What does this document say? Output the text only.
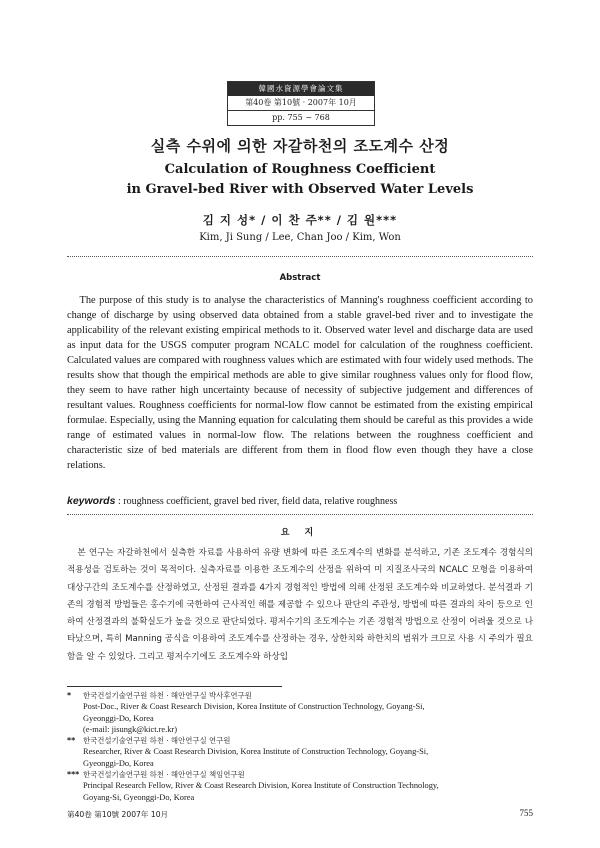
韓國水資源學會論文集
第40卷 第10號 · 2007年 10月
pp. 755 ~ 768
실측 수위에 의한 자갈하천의 조도계수 산정
Calculation of Roughness Coefficient
in Gravel-bed River with Observed Water Levels
김 지 성* / 이 찬 주** / 김 원***
Kim, Ji Sung / Lee, Chan Joo / Kim, Won
Abstract

The purpose of this study is to analyse the characteristics of Manning's roughness coefficient according to change of discharge by using observed data obtained from a stable gravel-bed river and to investigate the applicability of the relevant existing empirical methods to it. Observed water level and discharge data are used as input data for the USGS computer program NCALC model for calculation of the roughness coefficient. Calculated values are compared with roughness values which are estimated with four widely used methods. The results show that though the empirical methods are able to give similar roughness values only for flood flow, they seem to have rather high uncertainty because of necessity of subjective judgement and differences of resultant values. Roughness coefficients for normal-low flow cannot be estimated from the existing empirical formulae. Especially, using the Manning equation for calculating them should be careful as this provides a wide range of estimated values in normal-low flow. The relations between the roughness coefficient and characteristic size of bed materials are different from them in flood flow even though they have a close relations.

keywords : roughness coefficient, gravel bed river, field data, relative roughness
요 지

본 연구는 자갈하천에서 실측한 자료를 사용하여 유량 변화에 따른 조도계수의 변화를 분석하고, 기존 조도계수 경험식의 적용성을 검토하는 것이 목적이다. 실측자료를 이용한 조도계수의 산정을 위하여 미 지질조사국의 NCALC 모형을 이용하여 대상구간의 조도계수를 산정하였고, 산정된 결과를 4가지 경험적인 방법에 의해 산정된 조도계수와 비교하였다. 분석결과 기존의 경험적 방법들은 홍수기에 국한하여 근사적인 해를 제공할 수 있으나 판단의 주관성, 방법에 따른 결과의 차이 등으로 인하여 산정결과의 불확실도가 높을 것으로 판단되었다. 평저수기의 조도계수는 기존 경험적 방법으로 산정이 어려울 것으로 나타났으며, 특히 Manning 공식을 이용하여 조도계수를 산정하는 경우, 상한치와 하한치의 범위가 크므로 사용 시 주의가 필요함을 알 수 있었다. 그리고 평저수기에도 조도계수와 하상입

*	한국건설기술연구원 하천 · 해안연구실 박사후연구원
Post-Doc., River & Coast Research Division, Korea Institute of Construction Technology, Goyang-Si,
Gyeonggi-Do, Korea
(e-mail: jisungk@kict.re.kr)
**	한국건설기술연구원 하천 · 해안연구실 연구원
Researcher, River & Coast Research Division, Korea Institute of Construction Technology, Goyang-Si,
Gyeonggi-Do, Korea
*** 한국건설기술연구원 하천 · 해안연구실 책임연구원
Principal Research Fellow, River & Coast Research Division, Korea Institute of Construction Technology,
Goyang-Si, Gyeonggi-Do, Korea
第40卷 第10號 2007年 10月	755
